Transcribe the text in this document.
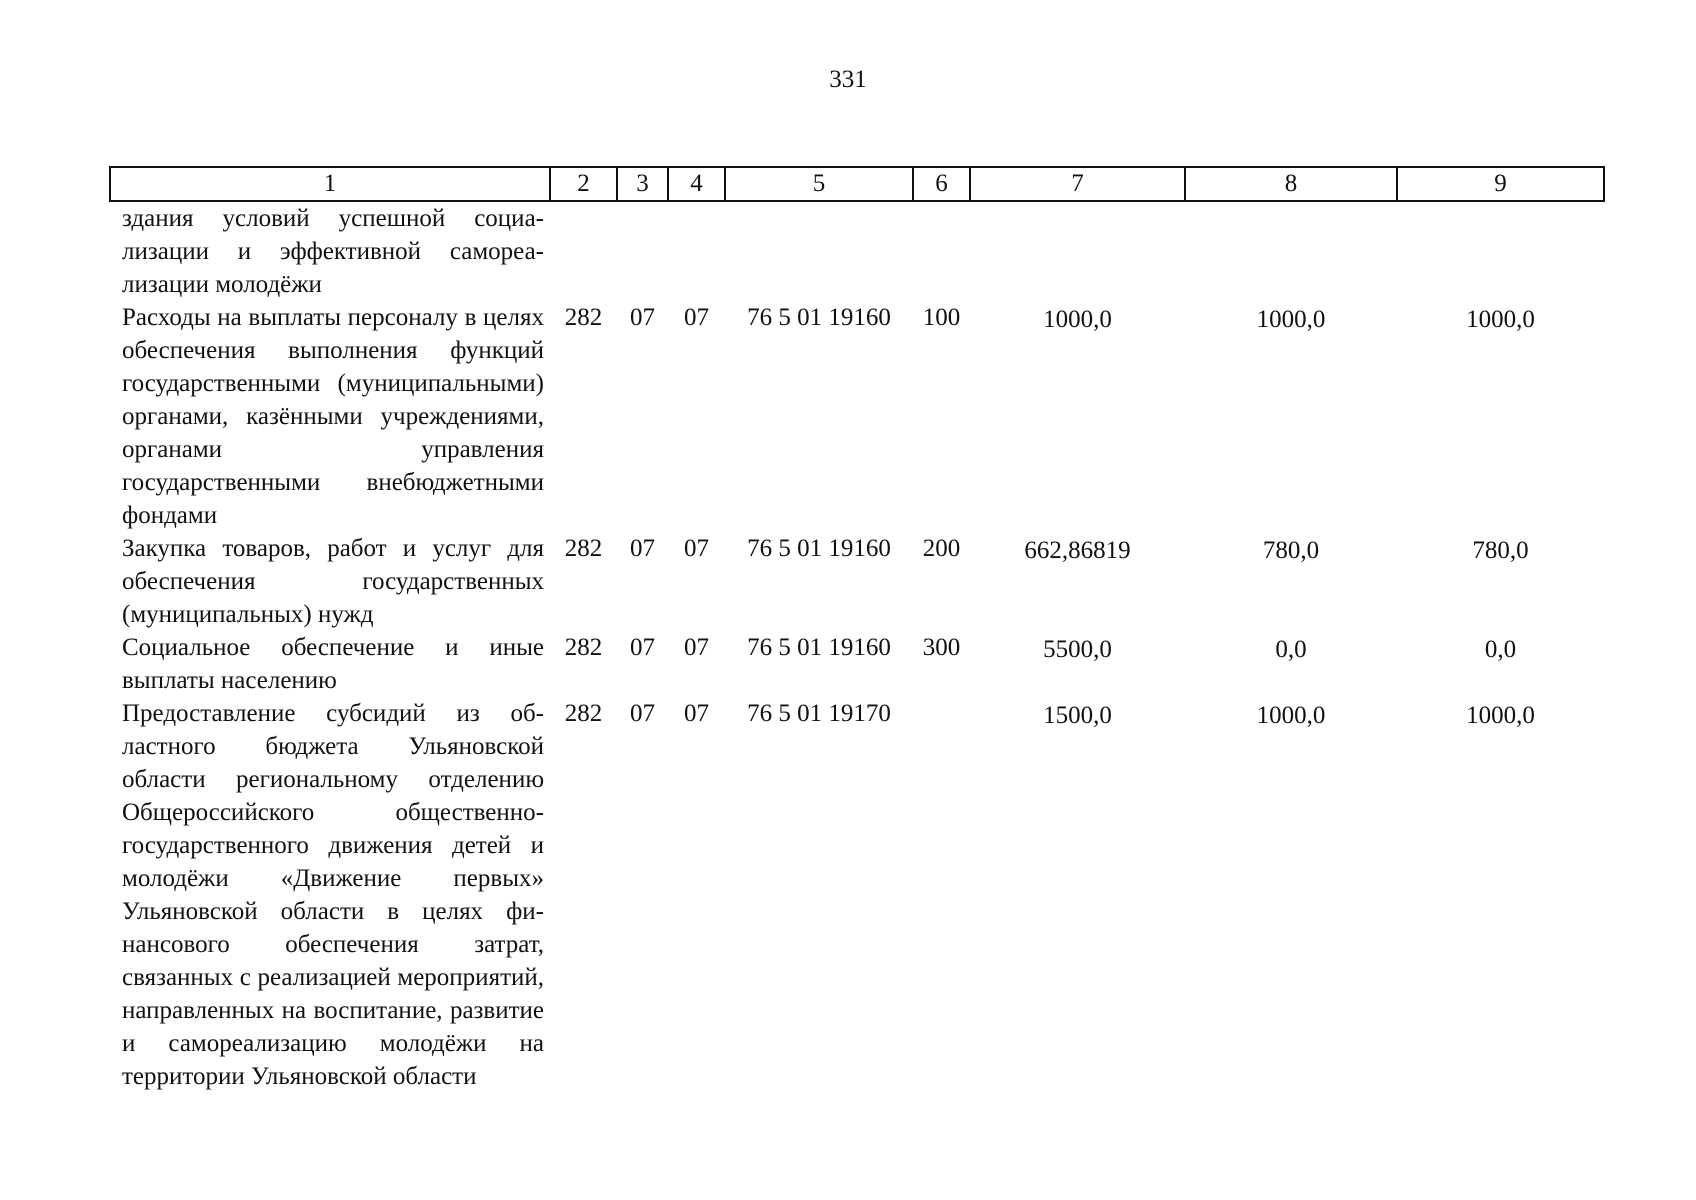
331
1	2	3	4	5	6	7	8	9
здания условий успешной социализации и эффективной самореализации молодёжи								
Расходы на выплаты персоналу в целях обеспечения выполнения функций государственными (муниципальными) органами, казёнными учреждениями, органами управления государственными внебюджетными фондами	282	07	07	76 5 01 19160	100	1000,0	1000,0	1000,0
Закупка товаров, работ и услуг для обеспечения государственных (муниципальных) нужд	282	07	07	76 5 01 19160	200	662,86819	780,0	780,0
Социальное обеспечение и иные выплаты населению	282	07	07	76 5 01 19160	300	5500,0	0,0	0,0
Предоставление субсидий из областного бюджета Ульяновской области региональному отделению Общероссийского общественно-государственного движения детей и молодёжи «Движение первых» Ульяновской области в целях финансового обеспечения затрат, связанных с реализацией мероприятий, направленных на воспитание, развитие и самореализацию молодёжи на территории Ульяновской области	282	07	07	76 5 01 19170		1500,0	1000,0	1000,0
